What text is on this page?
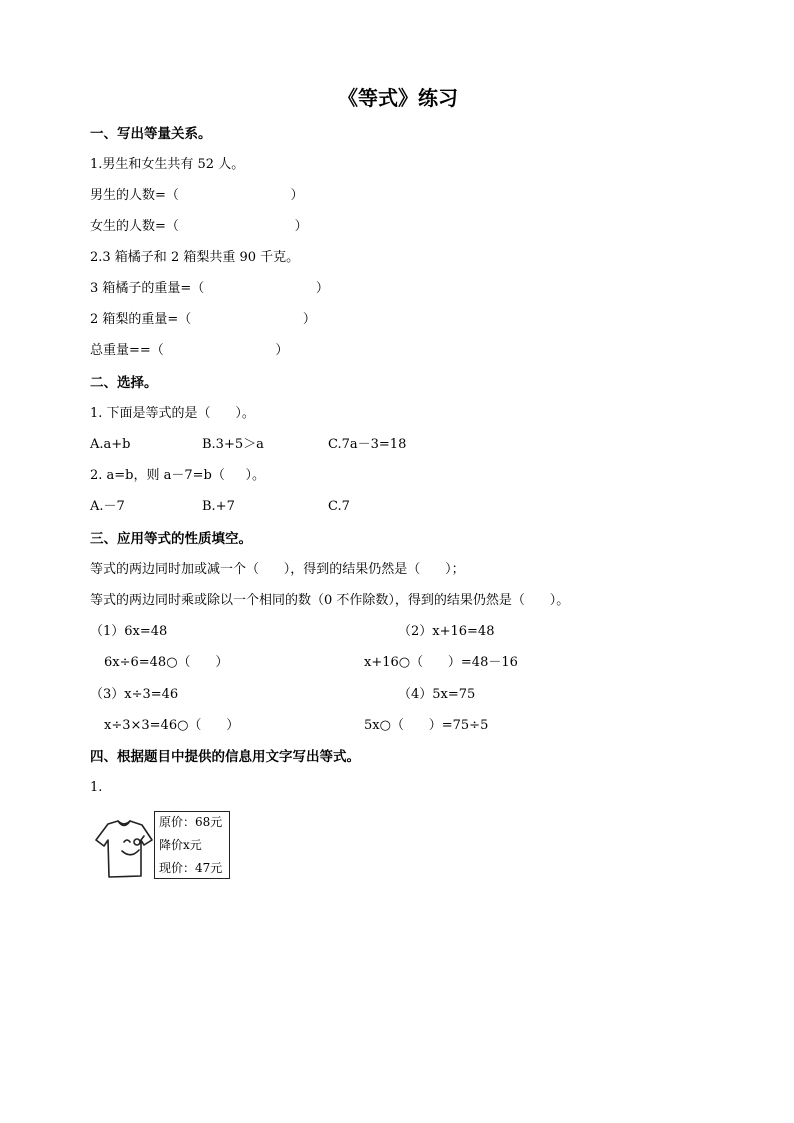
《等式》练习
一、写出等量关系。
1.男生和女生共有 52 人。
男生的人数=（                           ）
女生的人数=（                            ）
2.3 箱橘子和 2 箱梨共重 90 千克。
3 箱橘子的重量=（                           ）
2 箱梨的重量=（                           ）
总重量==（                           ）
二、选择。
1. 下面是等式的是（      ）。
A.a+b	B.3+5＞a	C.7a－3=18
2. a=b，则 a－7=b（     ）。
A.－7	B.+7	C.7
三、应用等式的性质填空。
等式的两边同时加或减一个（      ），得到的结果仍然是（      ）；
等式的两边同时乘或除以一个相同的数（0 不作除数），得到的结果仍然是（      ）。
（1）6x=48	（2）x+16=48
6x÷6=48○（      ）	x+16○（      ）=48－16
（3）x÷3=46	（4）5x=75
x÷3×3=46○（      ）	5x○（      ）=75÷5
四、根据题目中提供的信息用文字写出等式。
1.
原价：68元
降价x元
现价：47元
